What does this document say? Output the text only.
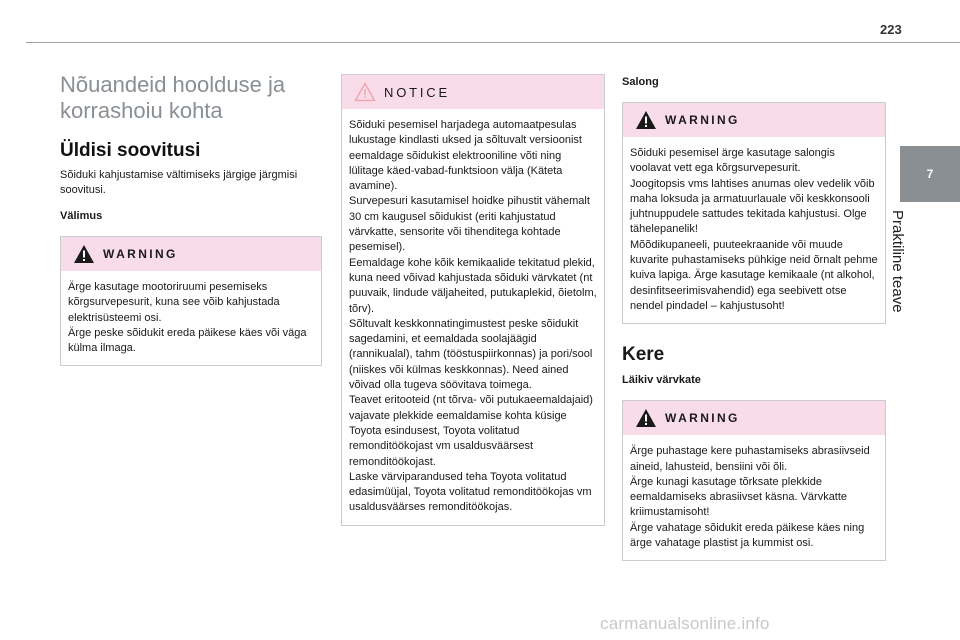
223
7
Praktiline teave
Nõuandeid hoolduse ja
korrashoiu kohta
Üldisi soovitusi
Sõiduki kahjustamise vältimiseks järgige järgmisi soovitusi.
Välimus
WARNING

Ärge kasutage mootoriruumi pesemiseks kõrgsurvepesurit, kuna see võib kahjustada elektrisüsteemi osi.

Ärge peske sõidukit ereda päikese käes või väga külma ilmaga.

NOTICE

Sõiduki pesemisel harjadega automaatpesulas lukustage kindlasti uksed ja sõltuvalt versioonist eemaldage sõidukist elektrooniline võti ning lülitage käed-vabad-funktsioon välja (Käteta avamine).

Survepesuri kasutamisel hoidke pihustit vähemalt 30 cm kaugusel sõidukist (eriti kahjustatud värvkatte, sensorite või tihenditega kohtade pesemisel).

Eemaldage kohe kõik kemikaalide tekitatud plekid, kuna need võivad kahjustada sõiduki värvkatet (nt puuvaik, lindude väljaheited, putukaplekid, õietolm, tõrv).

Sõltuvalt keskkonnatingimustest peske sõidukit sagedamini, et eemaldada soolajäägid (rannikualal), tahm (tööstuspiirkonnas) ja pori/sool (niiskes või külmas keskkonnas). Need ained võivad olla tugeva söövitava toimega.

Teavet eritooteid (nt tõrva- või putukaeemaldajaid) vajavate plekkide eemaldamise kohta küsige Toyota esindusest, Toyota volitatud remonditöökojast vm usaldusväärsest remonditöökojast.

Laske värviparandused teha Toyota volitatud edasimüüjal, Toyota volitatud remonditöökojas vm usaldusväärses remonditöökojas.

Salong
WARNING

Sõiduki pesemisel ärge kasutage salongis voolavat vett ega kõrgsurvepesurit.

Joogitopsis vms lahtises anumas olev vedelik võib maha loksuda ja armatuurlauale või keskkonsooli juhtnuppudele sattudes tekitada kahjustusi. Olge tähelepanelik!

Mõõdikupaneeli, puuteekraanide või muude kuvarite puhastamiseks pühkige neid õrnalt pehme kuiva lapiga. Ärge kasutage kemikaale (nt alkohol, desinfitseerimisvahendid) ega seebivett otse nendel pindadel – kahjustusoht!

Kere
Läikiv värvkate
WARNING

Ärge puhastage kere puhastamiseks abrasiivseid aineid, lahusteid, bensiini või õli.

Ärge kunagi kasutage tõrksate plekkide eemaldamiseks abrasiivset käsna. Värvkatte kriimustamisoht!

Ärge vahatage sõidukit ereda päikese käes ning ärge vahatage plastist ja kummist osi.

carmanualsonline.info
